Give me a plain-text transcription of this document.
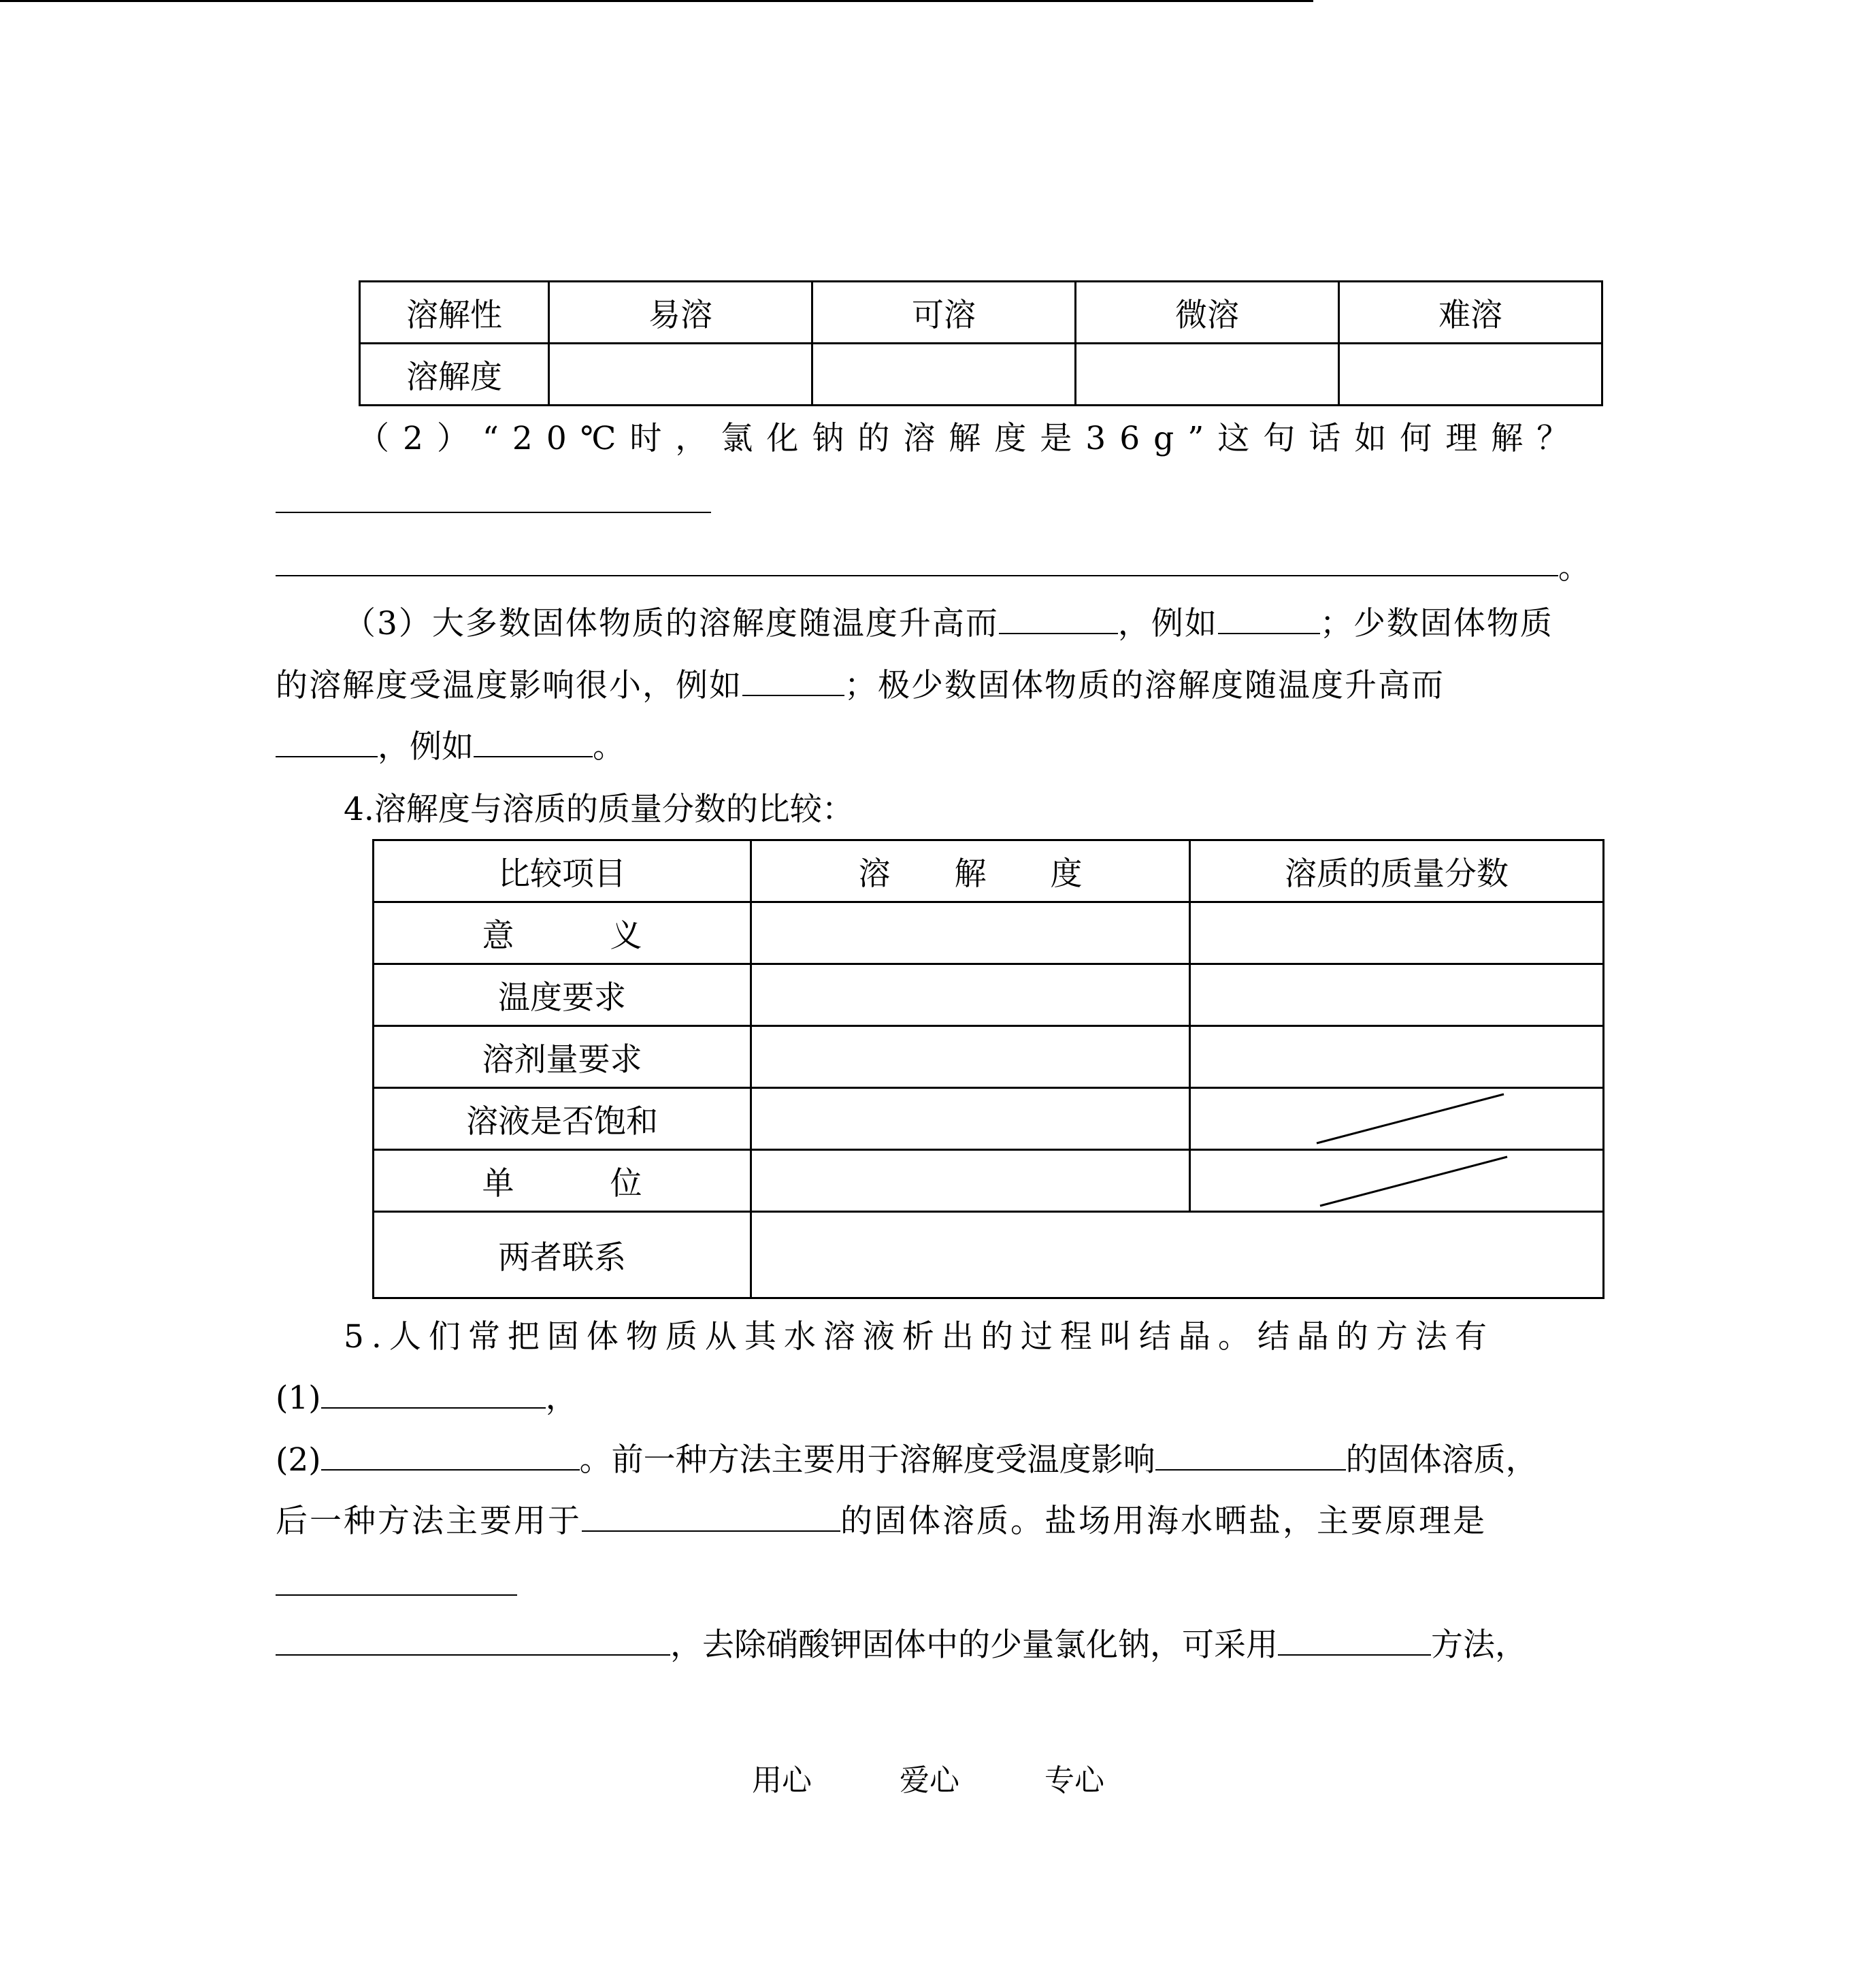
溶解性	易溶	可溶	微溶	难溶
溶解度				
（2）“20℃时，氯化钠的溶解度是36g”这句话如何理解？
。
（3）大多数固体物质的溶解度随温度升高而	，例如	；少数固体物质
的溶解度受温度影响很小，例如	；极少数固体物质的溶解度随温度升高而
，例如	。
4.溶解度与溶质的质量分数的比较：
比较项目	溶　　解　　度	溶质的质量分数
意　　　义		
温度要求		
溶剂量要求		
溶液是否饱和		
单　　　位		
两者联系		
5.人们常把固体物质从其水溶液析出的过程叫结晶。结晶的方法有
(1)	，
(2)	。前一种方法主要用于溶解度受温度影响	的固体溶质，
后一种方法主要用于	的固体溶质。盐场用海水晒盐，主要原理是
，去除硝酸钾固体中的少量氯化钠，可采用	方法，
用心	爱心	专心
